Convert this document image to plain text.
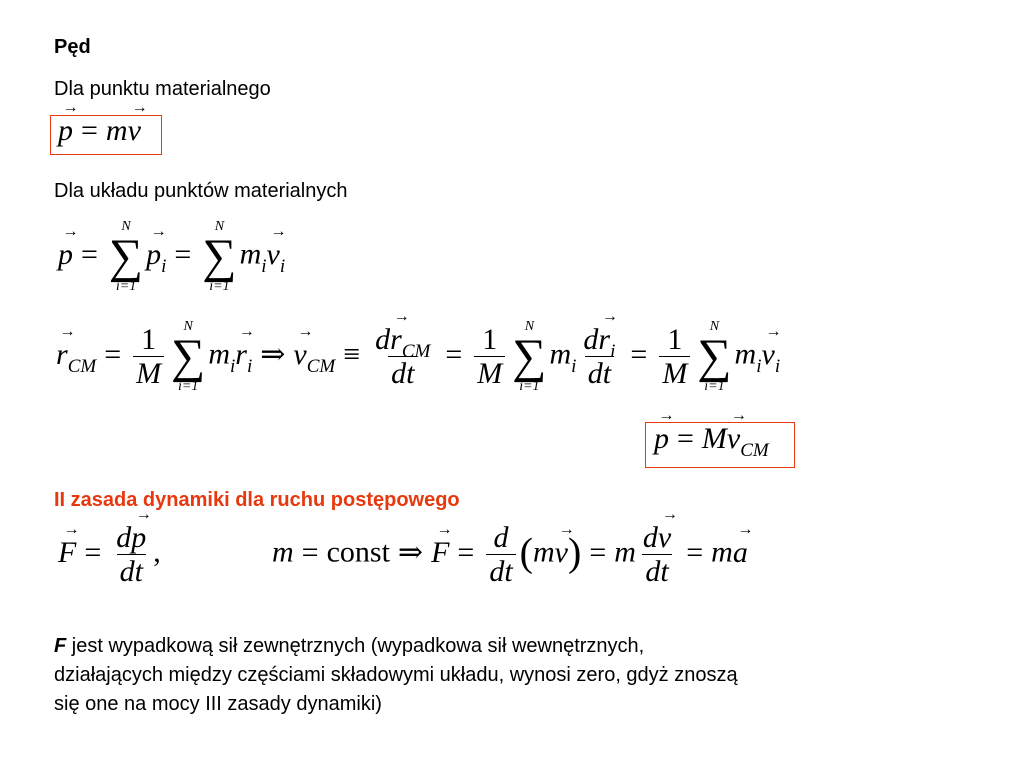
Pęd
Dla punktu materialnego
p → = mv →
Dla układu punktów materialnych
p → =
N
∑
i=1
$p \to_i$ =
N
∑
i=1
$m_iv \to_i$
$r \to_{CM} = \frac{1}{M}$ N
∑
i=1
$m_ir \to_i$ ⇒ $v \to_{CM} \equiv \frac{dr \to_{CM}}{dt} = \frac{1}{M}$ N
∑
i=1
$m_i \frac{dr \to_i}{dt} = \frac{1}{M}$ N
∑
i=1
$m_iv \to_i$
p → = $Mv \to_{CM}$
II zasada dynamiki dla ruchu postępowego
F → = $\frac{dp \to}{dt}$ ,	m = const ⇒ F → = $\frac{d}{dt} (mv$ →) = m $\frac{dv \to}{dt}$ = ma →
F jest wypadkową sił zewnętrznych (wypadkowa sił wewnętrznych,
działających między częściami składowymi układu, wynosi zero, gdyż znoszą
się one na mocy III zasady dynamiki)
